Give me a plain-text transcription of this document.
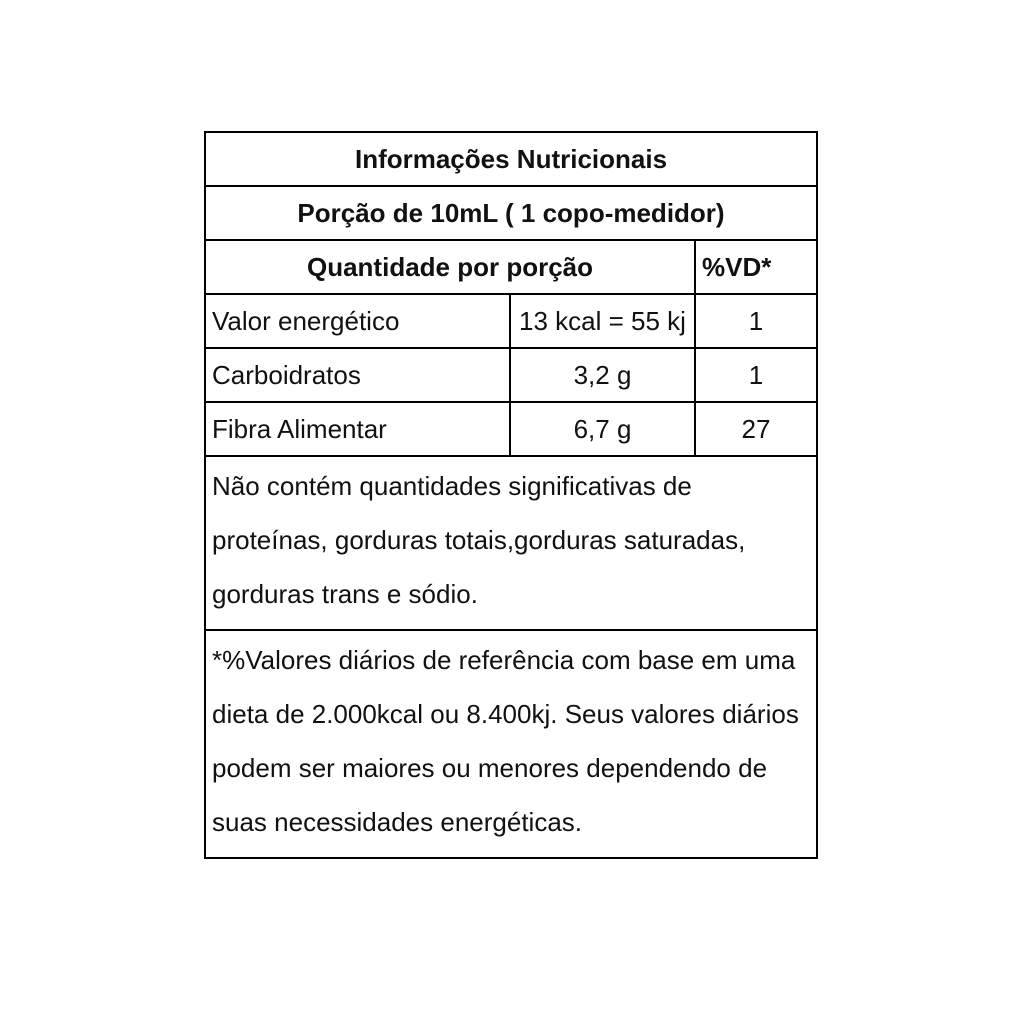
Informações Nutricionais		
Porção de 10mL ( 1 copo-medidor)		
Quantidade por porção		%VD*
Valor energético	13 kcal = 55 kj	1
Carboidratos	3,2 g	1
Fibra Alimentar	6,7 g	27
Não contém quantidades significativas de proteínas, gorduras totais,gorduras saturadas, gorduras trans e sódio.		
*%Valores diários de referência com base em uma dieta de 2.000kcal ou 8.400kj. Seus valores diários podem ser maiores ou menores dependendo de suas necessidades energéticas.		
